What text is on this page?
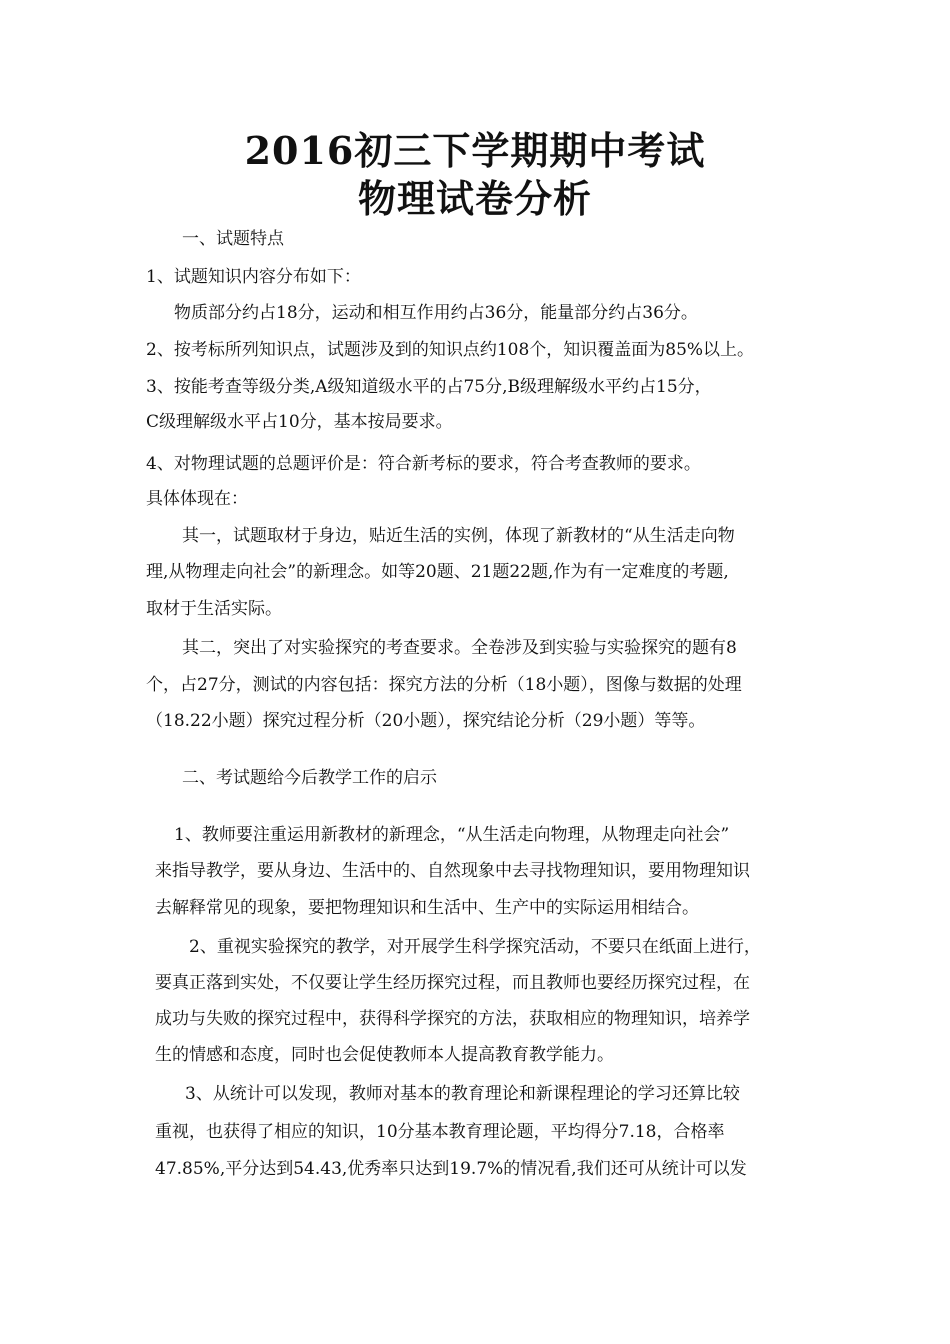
2016初三下学期期中考试
物理试卷分析
一、试题特点
1、试题知识内容分布如下：
物质部分约占18分，运动和相互作用约占36分，能量部分约占36分。
2、按考标所列知识点，试题涉及到的知识点约108个，知识覆盖面为85%以上。
3、按能考查等级分类,A级知道级水平的占75分,B级理解级水平约占15分，
C级理解级水平占10分，基本按局要求。
4、对物理试题的总题评价是：符合新考标的要求，符合考查教师的要求。
具体体现在：
其一，试题取材于身边，贴近生活的实例，体现了新教材的“从生活走向物
理,从物理走向社会”的新理念。如等20题、21题22题,作为有一定难度的考题,
取材于生活实际。
其二，突出了对实验探究的考查要求。全卷涉及到实验与实验探究的题有8
个，占27分，测试的内容包括：探究方法的分析（18小题），图像与数据的处理
（18.22小题）探究过程分析（20小题），探究结论分析（29小题）等等。
二、考试题给今后教学工作的启示
1、教师要注重运用新教材的新理念，“从生活走向物理，从物理走向社会”
来指导教学，要从身边、生活中的、自然现象中去寻找物理知识，要用物理知识
去解释常见的现象，要把物理知识和生活中、生产中的实际运用相结合。
2、重视实验探究的教学，对开展学生科学探究活动，不要只在纸面上进行，
要真正落到实处，不仅要让学生经历探究过程，而且教师也要经历探究过程，在
成功与失败的探究过程中，获得科学探究的方法，获取相应的物理知识，培养学
生的情感和态度，同时也会促使教师本人提高教育教学能力。
3、从统计可以发现，教师对基本的教育理论和新课程理论的学习还算比较
重视，也获得了相应的知识，10分基本教育理论题，平均得分7.18，合格率
47.85%,平分达到54.43,优秀率只达到19.7%的情况看,我们还可从统计可以发
